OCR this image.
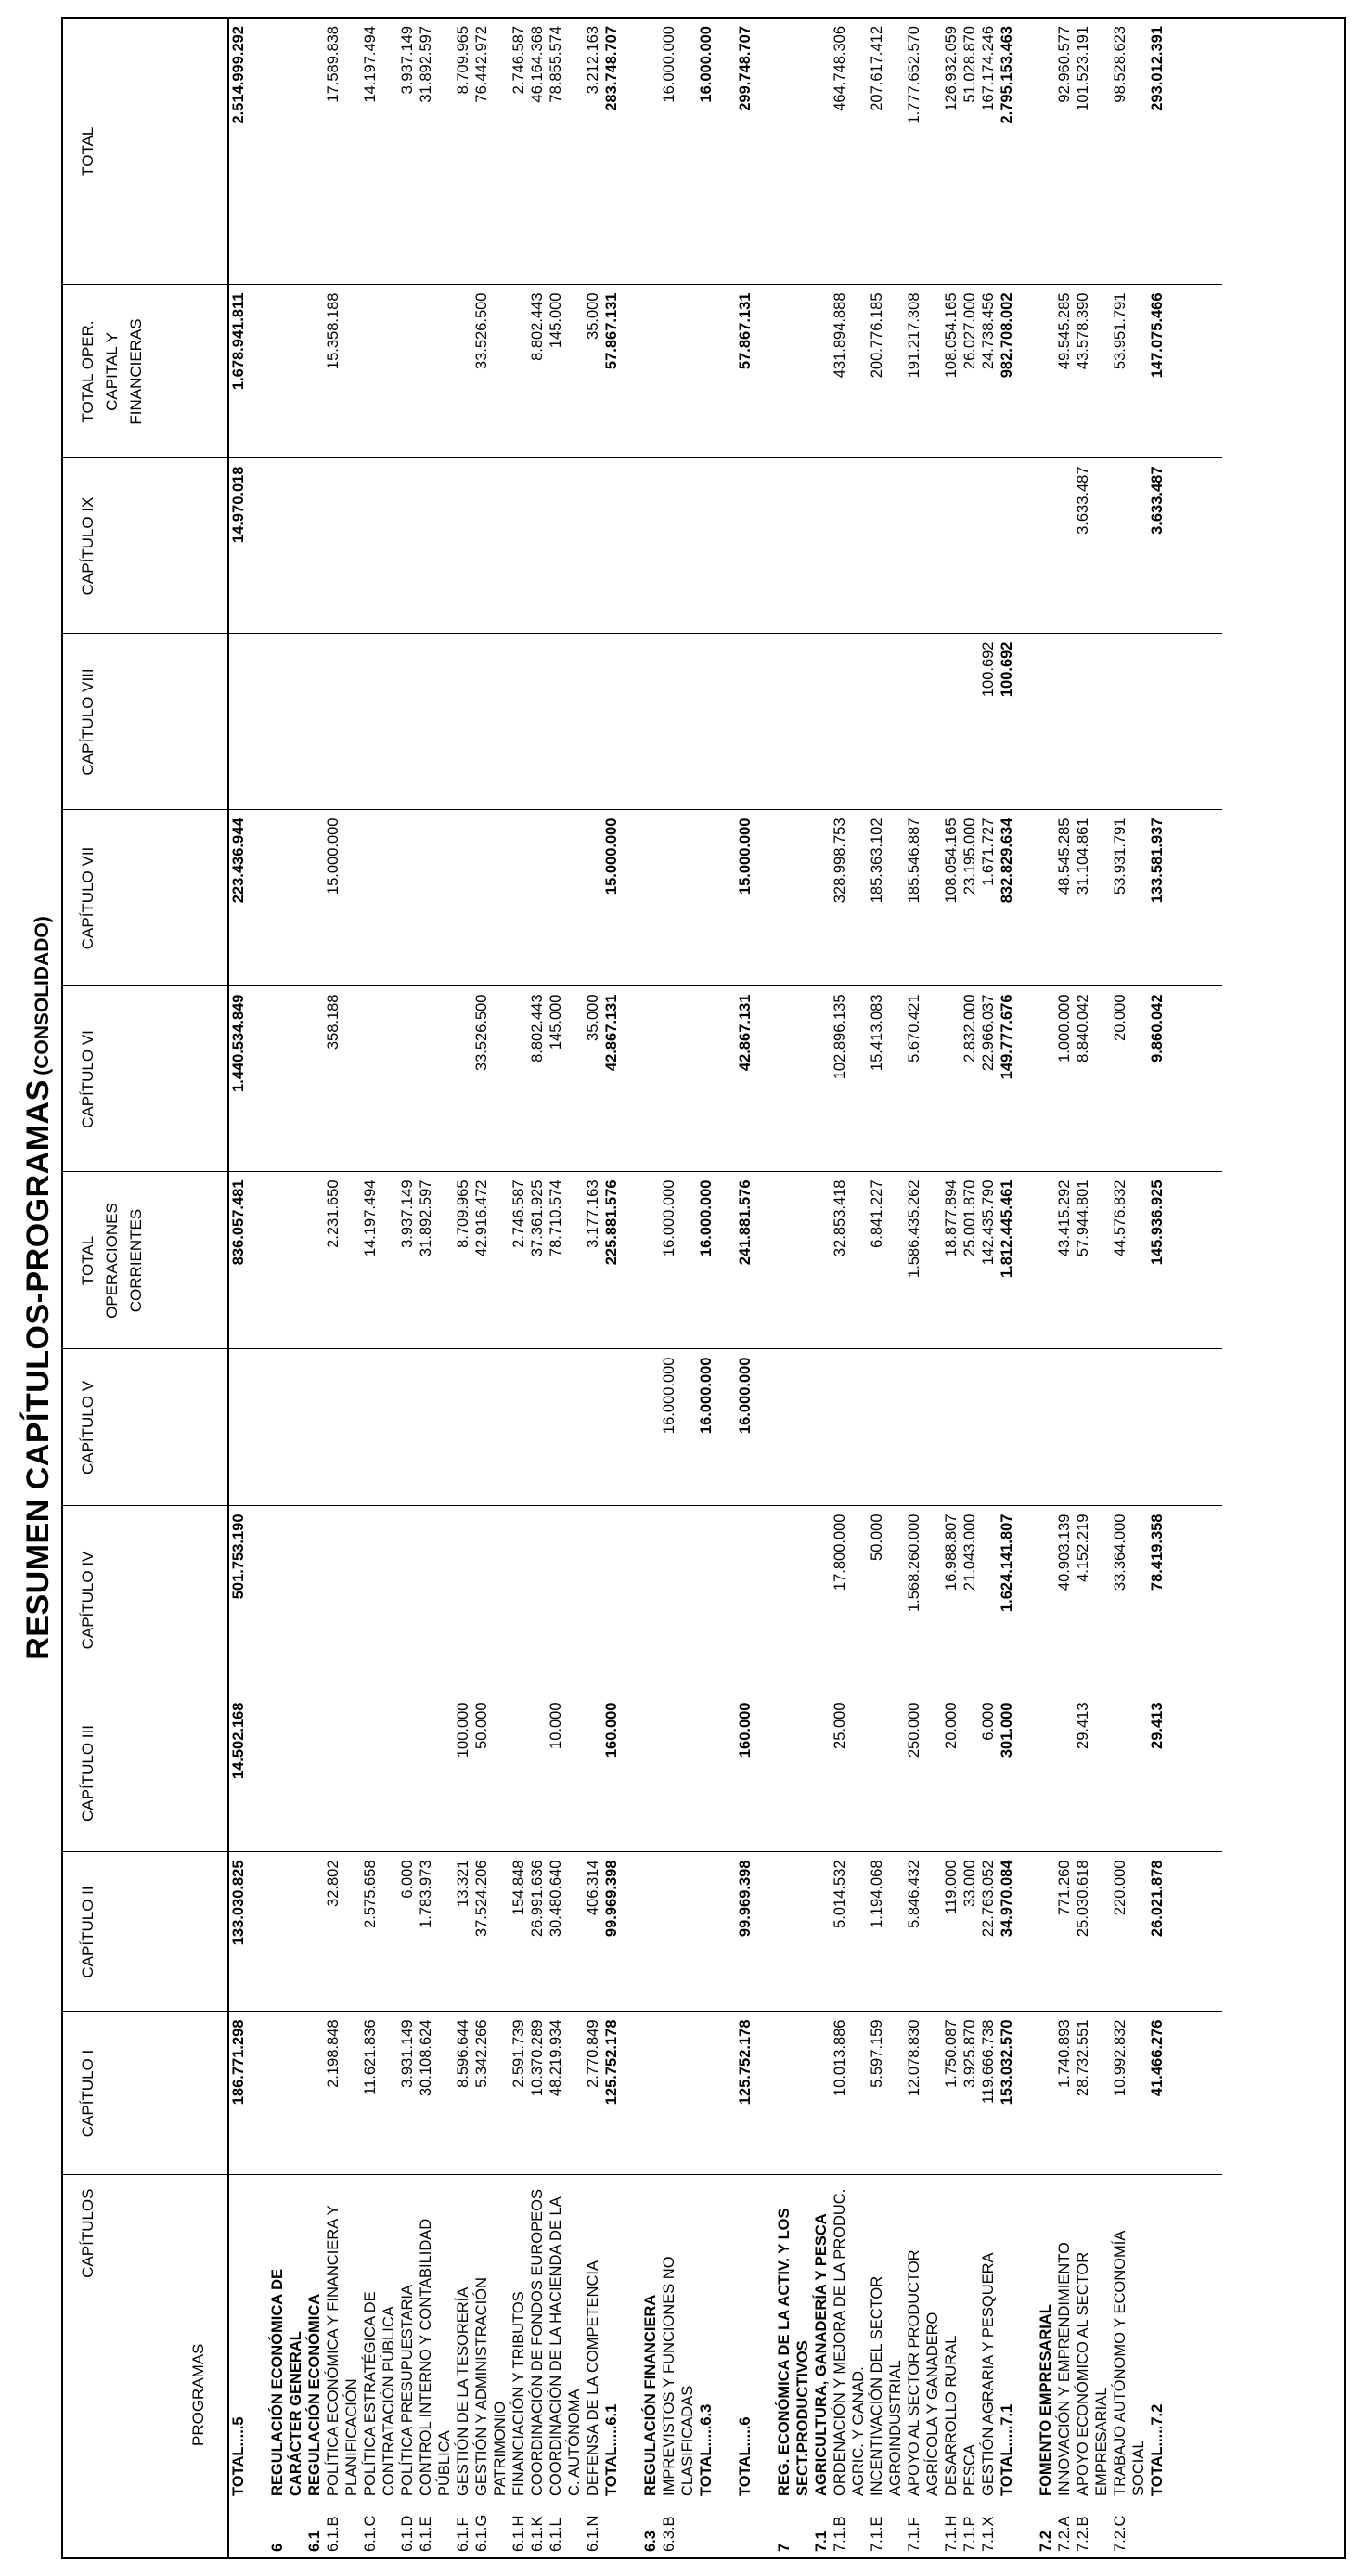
RESUMEN CAPÍTULOS-PROGRAMAS (CONSOLIDADO)
CAPÍTULOS
PROGRAMAS		CAPÍTULO I	CAPÍTULO II	CAPÍTULO III	CAPÍTULO IV	CAPÍTULO V	TOTAL OPERACIONES CORRIENTES	CAPÍTULO VI	CAPÍTULO VII	CAPÍTULO VIII	CAPÍTULO IX	TOTAL OPER. CAPITAL Y FINANCIERAS	TOTAL
	TOTAL.....5	186.771.298	133.030.825	14.502.168	501.753.190		836.057.481	1.440.534.849	223.436.944		14.970.018	1.678.941.811	2.514.999.292

6	REGULACIÓN ECONÓMICA DE CARÁCTER GENERAL												
6.1	REGULACIÓN ECONÓMICA												
6.1.B	POLÍTICA ECONÓMICA Y FINANCIERA Y PLANIFICACIÓN	2.198.848	32.802				2.231.650	358.188	15.000.000			15.358.188	17.589.838
6.1.C	POLÍTICA ESTRATÉGICA DE CONTRATACIÓN PÚBLICA	11.621.836	2.575.658				14.197.494						14.197.494
6.1.D	POLÍTICA PRESUPUESTARIA	3.931.149	6.000				3.937.149						3.937.149
6.1.E	CONTROL INTERNO Y CONTABILIDAD PÚBLICA	30.108.624	1.783.973				31.892.597						31.892.597
6.1.F	GESTIÓN DE LA TESORERÍA	8.596.644	13.321	100.000			8.709.965						8.709.965
6.1.G	GESTIÓN Y ADMINISTRACIÓN PATRIMONIO	5.342.266	37.524.206	50.000			42.916.472	33.526.500				33.526.500	76.442.972
6.1.H	FINANCIACIÓN Y TRIBUTOS	2.591.739	154.848				2.746.587						2.746.587
6.1.K	COORDINACIÓN DE FONDOS EUROPEOS	10.370.289	26.991.636				37.361.925	8.802.443				8.802.443	46.164.368
6.1.L	COORDINACIÓN DE LA HACIENDA DE LA C. AUTÓNOMA	48.219.934	30.480.640	10.000			78.710.574	145.000				145.000	78.855.574
6.1.N	DEFENSA DE LA COMPETENCIA	2.770.849	406.314				3.177.163	35.000				35.000	3.212.163
	TOTAL.....6.1	125.752.178	99.969.398	160.000			225.881.576	42.867.131	15.000.000			57.867.131	283.748.707

6.3	REGULACIÓN FINANCIERA												
6.3.B	IMPREVISTOS Y FUNCIONES NO CLASIFICADAS					16.000.000	16.000.000						16.000.000
	TOTAL.....6.3					16.000.000	16.000.000						16.000.000

	TOTAL.....6	125.752.178	99.969.398	160.000		16.000.000	241.881.576	42.867.131	15.000.000			57.867.131	299.748.707

7	REG. ECONÓMICA DE LA ACTIV. Y LOS SECT.PRODUCTIVOS												
7.1	AGRICULTURA, GANADERÍA Y PESCA												
7.1.B	ORDENACIÓN Y MEJORA DE LA PRODUC. AGRIC. Y GANAD.	10.013.886	5.014.532	25.000	17.800.000		32.853.418	102.896.135	328.998.753			431.894.888	464.748.306
7.1.E	INCENTIVACIÓN DEL SECTOR AGROINDUSTRIAL	5.597.159	1.194.068		50.000		6.841.227	15.413.083	185.363.102			200.776.185	207.617.412
7.1.F	APOYO AL SECTOR PRODUCTOR AGRÍCOLA Y GANADERO	12.078.830	5.846.432	250.000	1.568.260.000		1.586.435.262	5.670.421	185.546.887			191.217.308	1.777.652.570
7.1.H	DESARROLLO RURAL	1.750.087	119.000	20.000	16.988.807		18.877.894		108.054.165			108.054.165	126.932.059
7.1.P	PESCA	3.925.870	33.000		21.043.000		25.001.870	2.832.000	23.195.000			26.027.000	51.028.870
7.1.X	GESTIÓN AGRARIA Y PESQUERA	119.666.738	22.763.052	6.000			142.435.790	22.966.037	1.671.727	100.692		24.738.456	167.174.246
	TOTAL.....7.1	153.032.570	34.970.084	301.000	1.624.141.807		1.812.445.461	149.777.676	832.829.634	100.692		982.708.002	2.795.153.463

7.2	FOMENTO EMPRESARIAL												
7.2.A	INNOVACIÓN Y EMPRENDIMIENTO	1.740.893	771.260		40.903.139		43.415.292	1.000.000	48.545.285			49.545.285	92.960.577
7.2.B	APOYO ECONÓMICO AL SECTOR EMPRESARIAL	28.732.551	25.030.618	29.413	4.152.219		57.944.801	8.840.042	31.104.861		3.633.487	43.578.390	101.523.191
7.2.C	TRABAJO AUTÓNOMO Y ECONOMÍA SOCIAL	10.992.832	220.000		33.364.000		44.576.832	20.000	53.931.791			53.951.791	98.528.623
	TOTAL.....7.2	41.466.276	26.021.878	29.413	78.419.358		145.936.925	9.860.042	133.581.937		3.633.487	147.075.466	293.012.391
